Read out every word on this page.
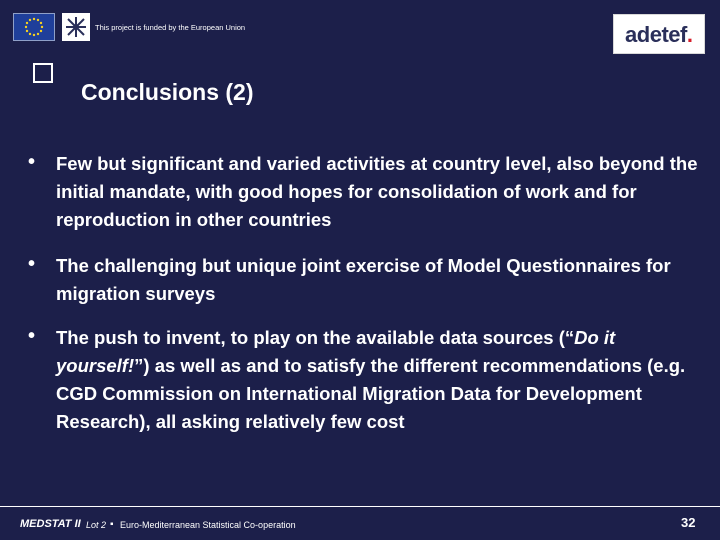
This project is funded by the European Union	adetef.
Conclusions (2)
• Few but significant and varied activities at country level, also beyond the initial mandate, with good hopes for consolidation of work and for reproduction in other countries
• The challenging but unique joint exercise of Model Questionnaires for migration surveys
• The push to invent, to play on the available data sources (“Do it yourself!”) as well as and to satisfy the different recommendations (e.g. CGD Commission on International Migration Data for Development Research), all asking relatively few cost
MEDSTAT II Lot 2 ▪ Euro-Mediterranean Statistical Co-operation	32
